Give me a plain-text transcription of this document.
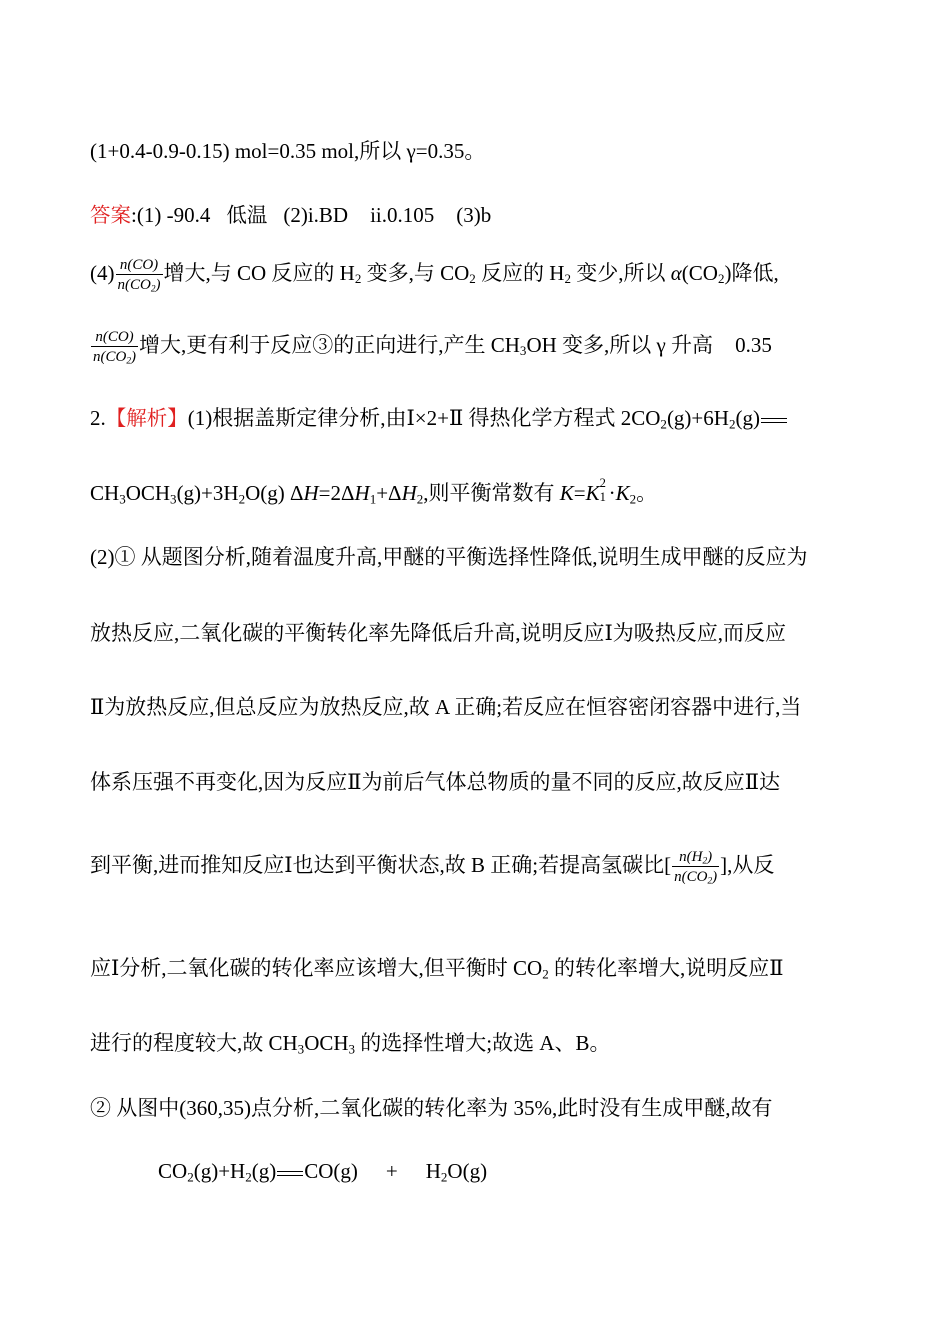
(1+0.4-0.9-0.15) mol=0.35 mol,所以 γ=0.35。
答案:(1) -90.4 低温 (2)i.BD ii.0.105 (3)b
$(4) \frac{n(CO)}{n(CO_2)}$ 增大,与 CO 反应的 $H_2$ 变多,与 $CO_2$ 反应的 $H_2$ 变少,所以 $\alpha(CO_2)$降低,
$\frac{n(CO)}{n(CO_2)}$ 增大,更有利于反应③的正向进行,产生 $CH_3OH$ 变多,所以 γ 升高 0.35
2.【解析】(1)根据盖斯定律分析,由Ⅰ×2+Ⅱ 得热化学方程式 $2CO_2(g)+6H_2(g)$
$CH_3OCH_3(g)+3H_2O(g)$ $\Delta H=2\Delta H_1+\Delta H_2$,则平衡常数有 K=K 2
$1 \cdot K_2$。
(2)① 从题图分析,随着温度升高,甲醚的平衡选择性降低,说明生成甲醚的反应为
放热反应,二氧化碳的平衡转化率先降低后升高,说明反应Ⅰ为吸热反应,而反应
Ⅱ为放热反应,但总反应为放热反应,故 A 正确;若反应在恒容密闭容器中进行,当
体系压强不再变化,因为反应Ⅱ为前后气体总物质的量不同的反应,故反应Ⅱ达
到平衡,进而推知反应Ⅰ也达到平衡状态,故 B 正确;若提高氢碳比[ $\frac{n(H_2)}{n(CO_2)}$ ],从反
应Ⅰ分析,二氧化碳的转化率应该增大,但平衡时 $CO_2$ 的转化率增大,说明反应Ⅱ
进行的程度较大,故 $CH_3OCH_3$ 的选择性增大;故选 A、B。
② 从图中(360,35)点分析,二氧化碳的转化率为 35%,此时没有生成甲醚,故有
$CO_2(g)+H_2(g) CO(g) + H_2O(g)$
